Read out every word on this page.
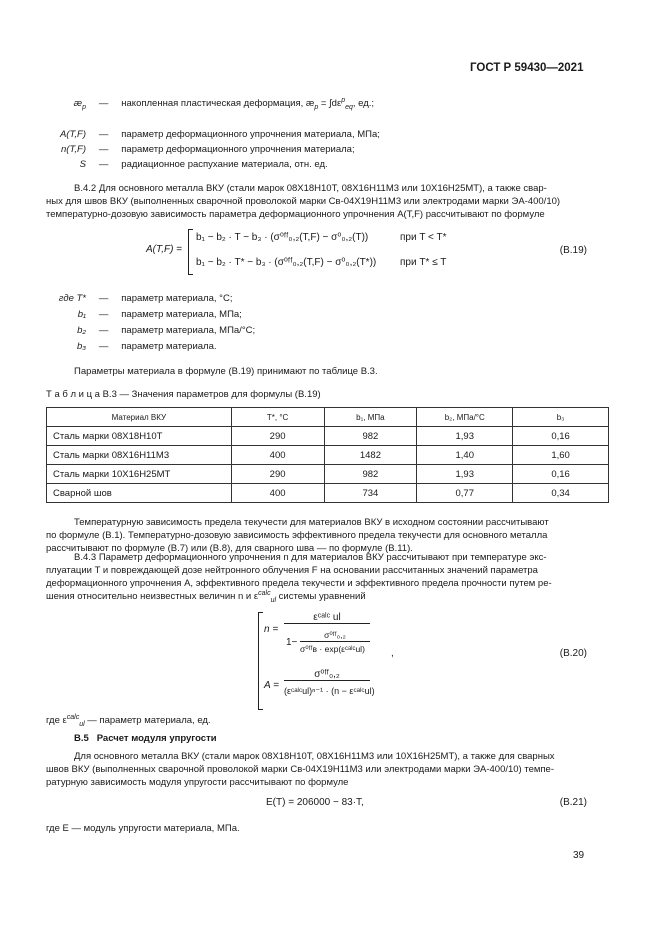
ГОСТ Р 59430—2021
$æ_p$ — накопленная пластическая деформация, $æ_p = \int d\varepsilon^p_{eq}$, ед.;
A(T,F) — параметр деформационного упрочнения материала, МПа;
n(T,F) — параметр деформационного упрочнения материала;
S — радиационное распухание материала, отн. ед.
В.4.2 Для основного металла ВКУ (стали марок 08Х18Н10Т, 08Х16Н11М3 или 10Х16Н25МТ), а также свар-
ных для швов ВКУ (выполненных сварочной проволокой марки Св-04Х19Н11М3 или электродами марки ЭА-400/10)
температурно-дозовую зависимость параметра деформационного упрочнения A(T,F) рассчитывают по формуле
A(T,F) =
b₁ − b₂ · T − b₃ · (σ⁰ᶠᶠ₀,₂(T,F) − σ⁰₀,₂(T))
b₁ − b₂ · T* − b₃ · (σ⁰ᶠᶠ₀,₂(T,F) − σ⁰₀,₂(T*))
при T < T*
при T* ≤ T
(В.19)
где T* — параметр материала, °С;
b₁ — параметр материала, МПа;
b₂ — параметр материала, МПа/°С;
b₃ — параметр материала.
Параметры материала в формуле (В.19) принимают по таблице В.3.
Т а б л и ц а В.3 — Значения параметров для формулы (В.19)
Материал ВКУ	T*, °С	b₁, МПа	b₂, МПа/°С	b₃
Сталь марки 08Х18Н10Т	290	982	1,93	0,16
Сталь марки 08Х16Н11М3	400	1482	1,40	1,60
Сталь марки 10Х16Н25МТ	290	982	1,93	0,16
Сварной шов	400	734	0,77	0,34
Температурную зависимость предела текучести для материалов ВКУ в исходном состоянии рассчитывают
по формуле (В.1). Температурно-дозовую зависимость эффективного предела текучести для основного металла
рассчитывают по формуле (В.7) или (В.8), для сварного шва — по формуле (В.11).
В.4.3 Параметр деформационного упрочнения n для материалов ВКУ рассчитывают при температуре экс-
плуатации T и повреждающей дозе нейтронного облучения F на основании рассчитанных значений параметра
деформационного упрочнения A, эффективного предела текучести и эффективного предела прочности путем ре-
шения относительно неизвестных величин n и $\varepsilon^{calc}_{ul}$ системы уравнений
n =
εᶜᵃˡᶜ ul
1−
σ⁰ᶠᶠ₀,₂
σ⁰ᶠᶠв · exp(εᶜᵃˡᶜul)	,
A =
σ⁰ᶠᶠ₀,₂
(εᶜᵃˡᶜul)ⁿ⁻¹ · (n − εᶜᵃˡᶜul)
(В.20)
где $\varepsilon^{calc}_{ul}$ — параметр материала, ед.
В.5 Расчет модуля упругости
Для основного металла ВКУ (стали марок 08Х18Н10Т, 08Х16Н11М3 или 10Х16Н25МТ), а также для сварных
швов ВКУ (выполненных сварочной проволокой марки Св-04Х19Н11М3 или электродами марки ЭА-400/10) темпе-
ратурную зависимость модуля упругости рассчитывают по формуле
E(T) = 206000 − 83·T,	(В.21)
где E — модуль упругости материала, МПа.
39
